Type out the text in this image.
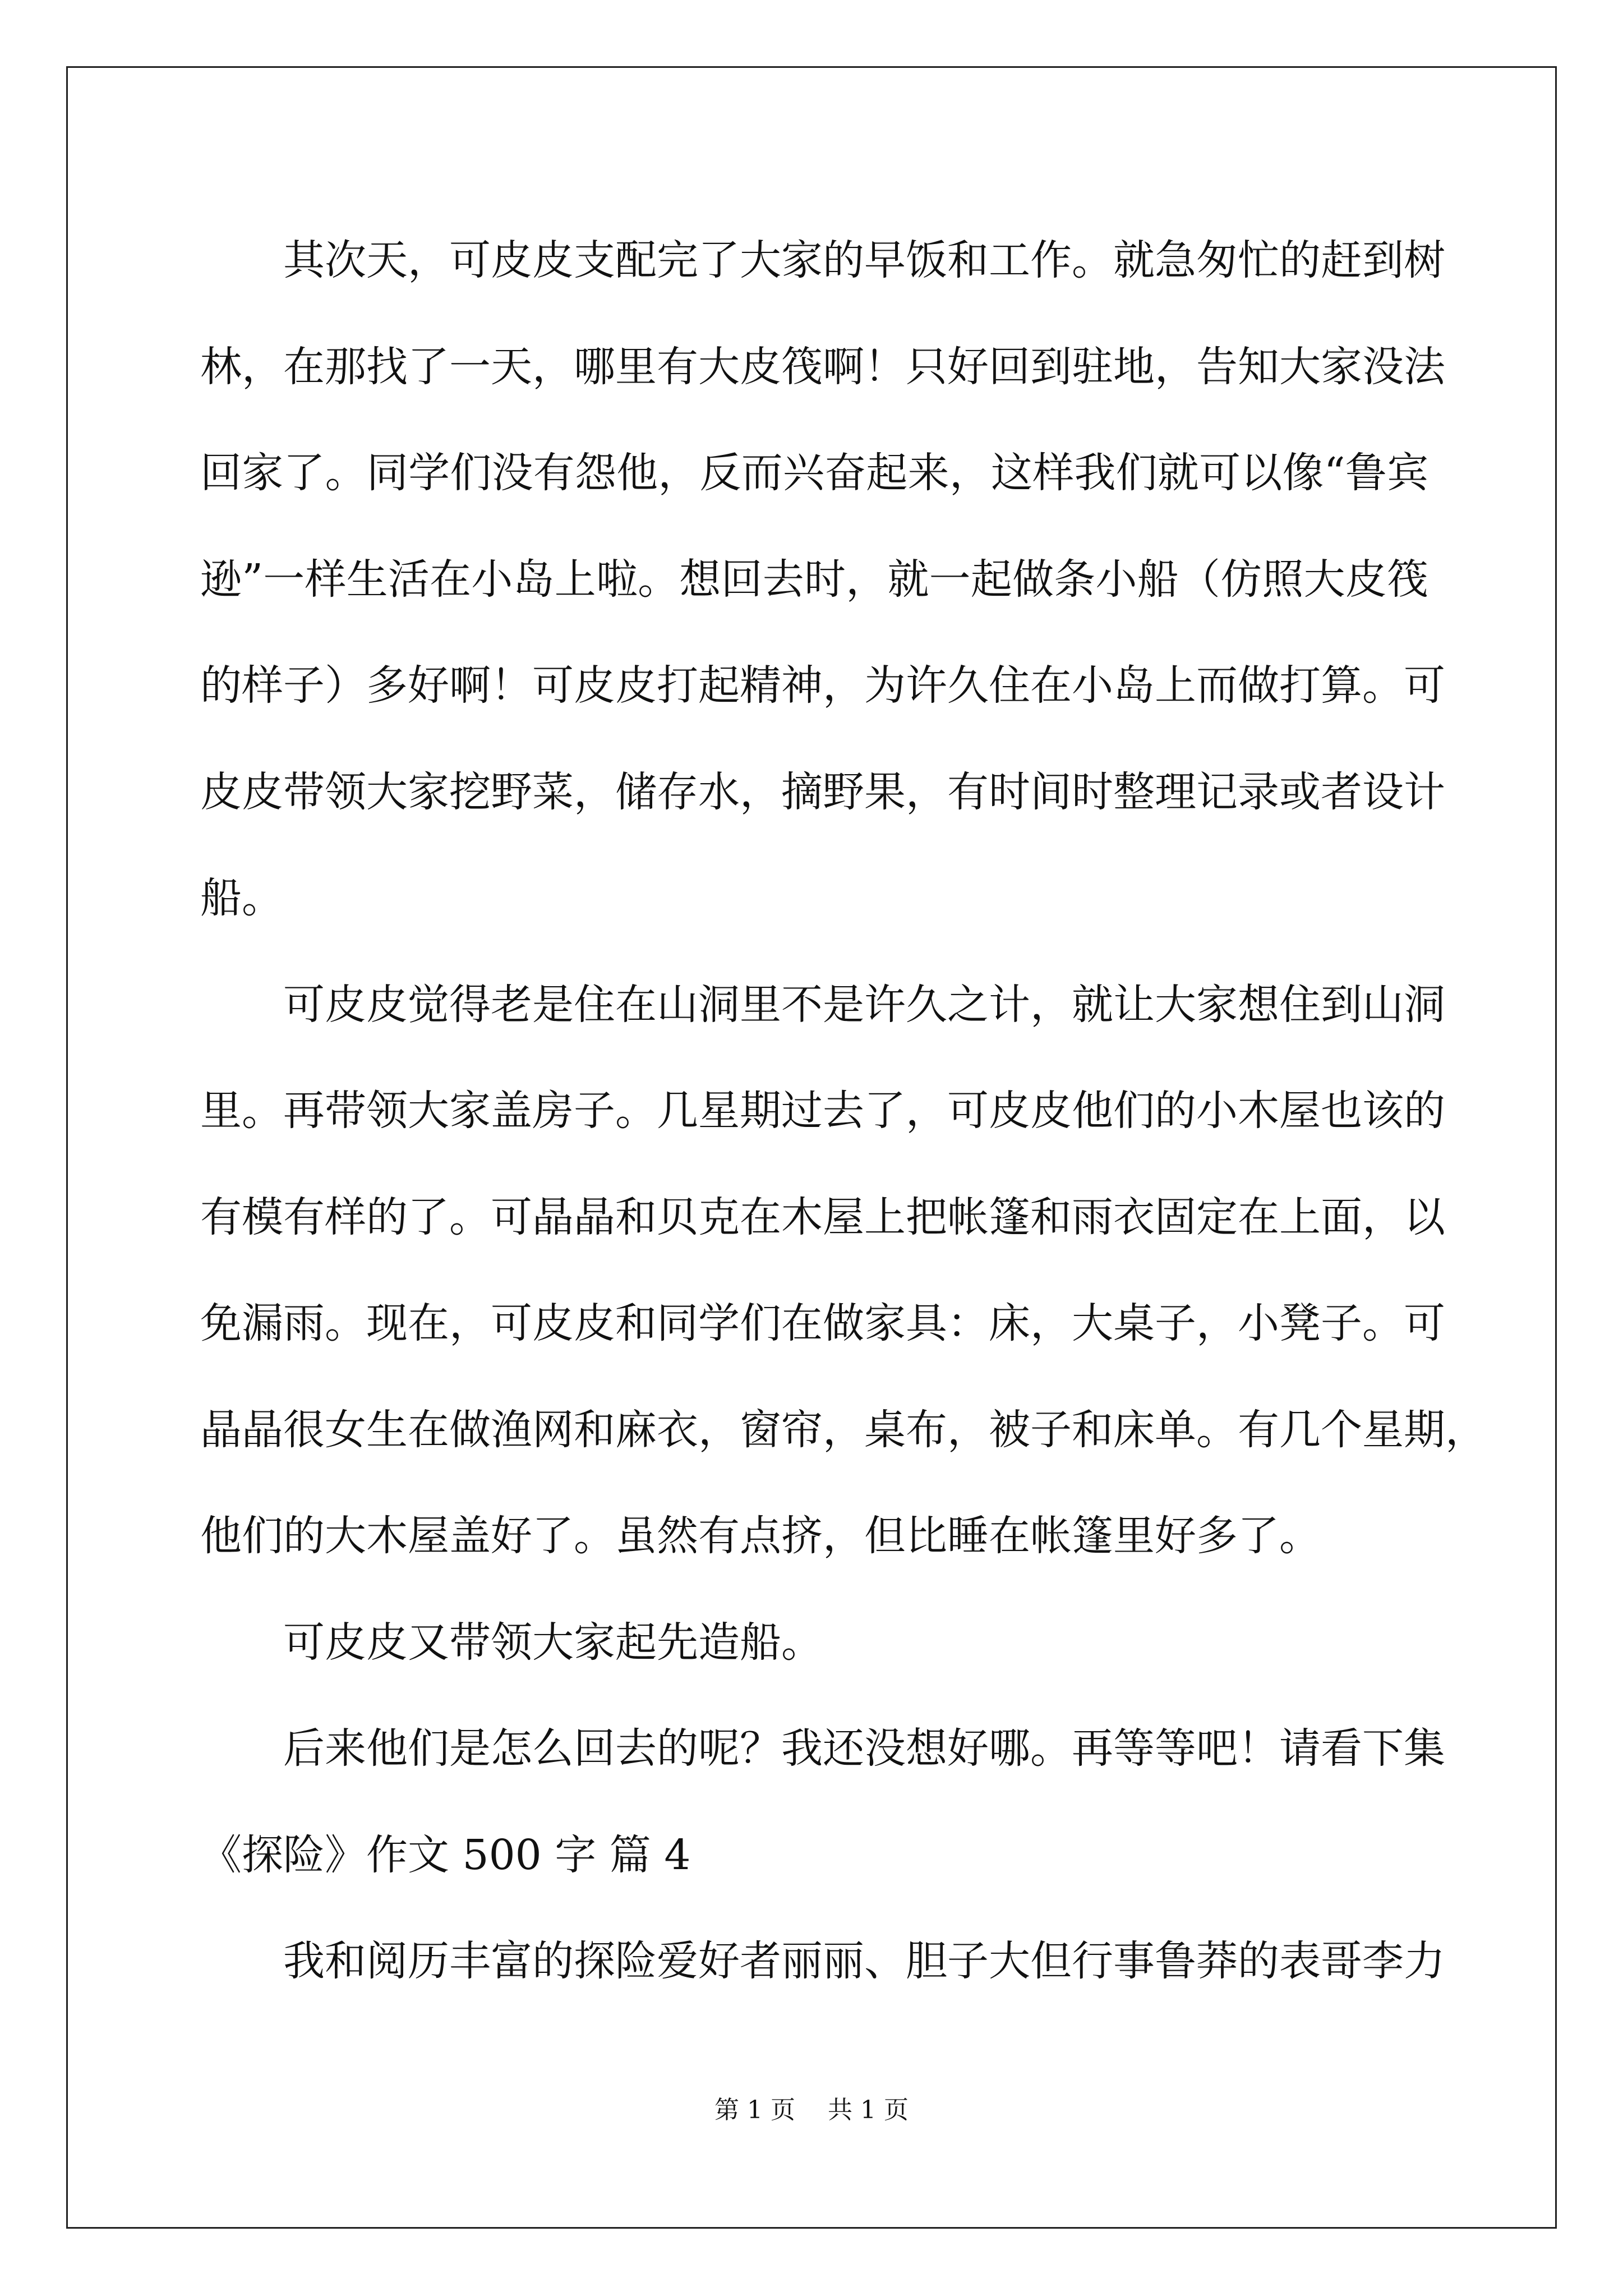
其次天，可皮皮支配完了大家的早饭和工作。就急匆忙的赶到树
林，在那找了一天，哪里有大皮筏啊！只好回到驻地，告知大家没法
回家了。同学们没有怨他，反而兴奋起来，这样我们就可以像“鲁宾
逊”一样生活在小岛上啦。想回去时，就一起做条小船（仿照大皮筏
的样子）多好啊！可皮皮打起精神，为许久住在小岛上而做打算。可
皮皮带领大家挖野菜，储存水，摘野果，有时间时整理记录或者设计
船。
可皮皮觉得老是住在山洞里不是许久之计，就让大家想住到山洞
里。再带领大家盖房子。几星期过去了，可皮皮他们的小木屋也该的
有模有样的了。可晶晶和贝克在木屋上把帐篷和雨衣固定在上面，以
免漏雨。现在，可皮皮和同学们在做家具：床，大桌子，小凳子。可
晶晶很女生在做渔网和麻衣，窗帘，桌布，被子和床单。有几个星期，
他们的大木屋盖好了。虽然有点挤，但比睡在帐篷里好多了。
可皮皮又带领大家起先造船。
后来他们是怎么回去的呢？我还没想好哪。再等等吧！请看下集
《探险》作文 500 字 篇 4
我和阅历丰富的探险爱好者丽丽、胆子大但行事鲁莽的表哥李力
第 1 页 共 1 页
